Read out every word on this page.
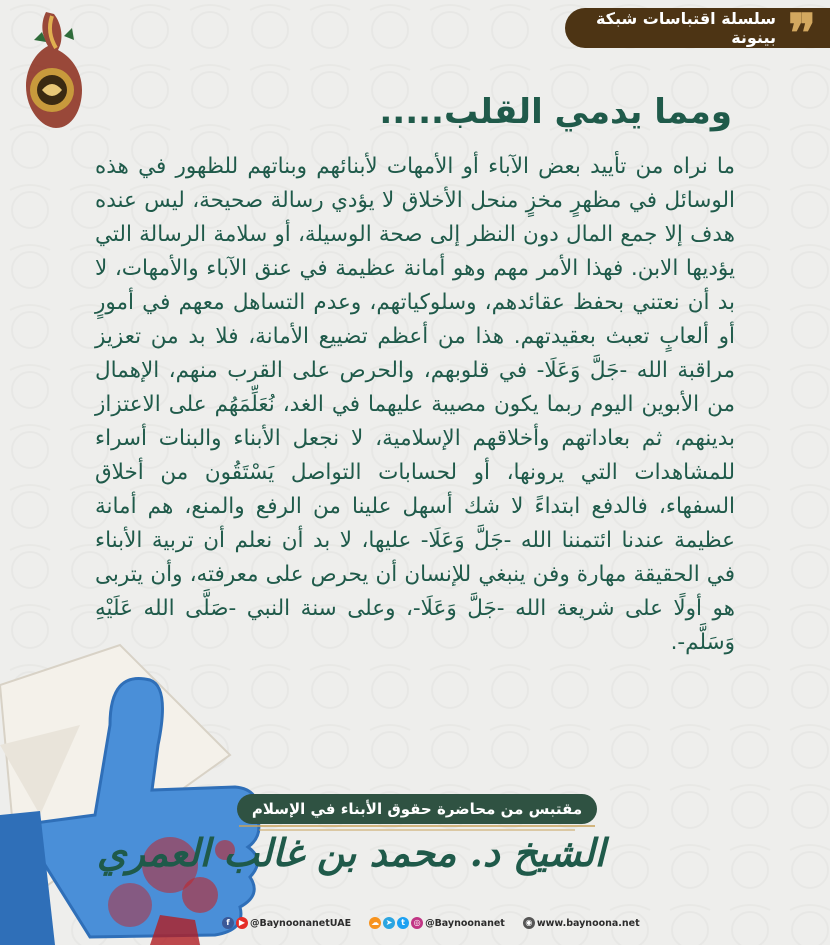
سلسلة اقتباسات شبكة بينونة ❞
ومما يدمي القلب.....
ما نراه من تأييد بعض الآباء أو الأمهات لأبنائهم وبناتهم للظهور في هذه الوسائل في مظهرٍ مخزٍ منحل الأخلاق لا يؤدي رسالة صحيحة، ليس عنده هدف إلا جمع المال دون النظر إلى صحة الوسيلة، أو سلامة الرسالة التي يؤديها الابن. فهذا الأمر مهم وهو أمانة عظيمة في عنق الآباء والأمهات، لا بد أن نعتني بحفظ عقائدهم، وسلوكياتهم، وعدم التساهل معهم في أمورٍ أو ألعابٍ تعبث بعقيدتهم. هذا من أعظم تضييع الأمانة، فلا بد من تعزيز مراقبة الله -جَلَّ وَعَلَا- في قلوبهم، والحرص على القرب منهم، الإهمال من الأبوين اليوم ربما يكون مصيبة عليهما في الغد، نُعَلِّمَهُم على الاعتزاز بدينهم، ثم بعاداتهم وأخلاقهم الإسلامية، لا نجعل الأبناء والبنات أسراء للمشاهدات التي يرونها، أو لحسابات التواصل يَسْتَقُون من أخلاق السفهاء، فالدفع ابتداءً لا شك أسهل علينا من الرفع والمنع، هم أمانة عظيمة عندنا ائتمننا الله -جَلَّ وَعَلَا- عليها، لا بد أن نعلم أن تربية الأبناء في الحقيقة مهارة وفن ينبغي للإنسان أن يحرص على معرفته، وأن يتربى هو أولًا على شريعة الله -جَلَّ وَعَلَا-، وعلى سنة النبي -صَلَّى الله عَلَيْهِ وَسَلَّم-.
مقتبس من محاضرة حقوق الأبناء في الإسلام
الشيخ د. محمد بن غالب العمري
f	▶ @BaynoonanetUAE	☁ ➤	t	◎ @Baynoonanet	◉ www.baynoona.net
